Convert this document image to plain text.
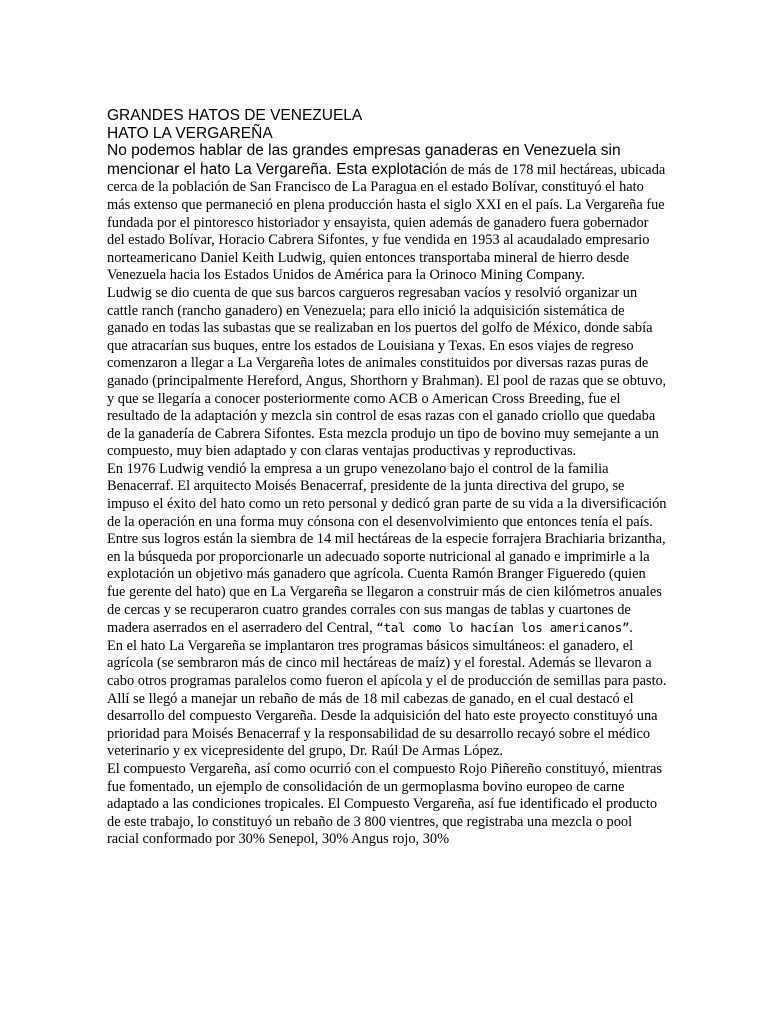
GRANDES HATOS DE VENEZUELA
HATO LA VERGAREÑA

No podemos hablar de las grandes empresas ganaderas en Venezuela sin mencionar el hato La Vergareña. Esta explotación de más de 178 mil hectáreas, ubicada cerca de la población de San Francisco de La Paragua en el estado Bolívar, constituyó el hato más extenso que permaneció en plena producción hasta el siglo XXI en el país. La Vergareña fue fundada por el pintoresco historiador y ensayista, quien además de ganadero fuera gobernador del estado Bolívar, Horacio Cabrera Sifontes, y fue vendida en 1953 al acaudalado empresario norteamericano Daniel Keith Ludwig, quien entonces transportaba mineral de hierro desde Venezuela hacia los Estados Unidos de América para la Orinoco Mining Company.

Ludwig se dio cuenta de que sus barcos cargueros regresaban vacíos y resolvió organizar un cattle ranch (rancho ganadero) en Venezuela; para ello inició la adquisición sistemática de ganado en todas las subastas que se realizaban en los puertos del golfo de México, donde sabía que atracarían sus buques, entre los estados de Louisiana y Texas. En esos viajes de regreso comenzaron a llegar a La Vergareña lotes de animales constituidos por diversas razas puras de ganado (principalmente Hereford, Angus, Shorthorn y Brahman). El pool de razas que se obtuvo, y que se llegaría a conocer posteriormente como ACB o American Cross Breeding, fue el resultado de la adaptación y mezcla sin control de esas razas con el ganado criollo que quedaba de la ganadería de Cabrera Sifontes. Esta mezcla produjo un tipo de bovino muy semejante a un compuesto, muy bien adaptado y con claras ventajas productivas y reproductivas.

En 1976 Ludwig vendió la empresa a un grupo venezolano bajo el control de la familia Benacerraf. El arquitecto Moisés Benacerraf, presidente de la junta directiva del grupo, se impuso el éxito del hato como un reto personal y dedicó gran parte de su vida a la diversificación de la operación en una forma muy cónsona con el desenvolvimiento que entonces tenía el país. Entre sus logros están la siembra de 14 mil hectáreas de la especie forrajera Brachiaria brizantha, en la búsqueda por proporcionarle un adecuado soporte nutricional al ganado e imprimirle a la explotación un objetivo más ganadero que agrícola. Cuenta Ramón Branger Figueredo (quien fue gerente del hato) que en La Vergareña se llegaron a construir más de cien kilómetros anuales de cercas y se recuperaron cuatro grandes corrales con sus mangas de tablas y cuartones de madera aserrados en el aserradero del Central, “tal como lo hacían los americanos”.

En el hato La Vergareña se implantaron tres programas básicos simultáneos: el ganadero, el agrícola (se sembraron más de cinco mil hectáreas de maíz) y el forestal. Además se llevaron a cabo otros programas paralelos como fueron el apícola y el de producción de semillas para pasto. Allí se llegó a manejar un rebaño de más de 18 mil cabezas de ganado, en el cual destacó el desarrollo del compuesto Vergareña. Desde la adquisición del hato este proyecto constituyó una prioridad para Moisés Benacerraf y la responsabilidad de su desarrollo recayó sobre el médico veterinario y ex vicepresidente del grupo, Dr. Raúl De Armas López.

El compuesto Vergareña, así como ocurrió con el compuesto Rojo Piñereño constituyó, mientras fue fomentado, un ejemplo de consolidación de un germoplasma bovino europeo de carne adaptado a las condiciones tropicales. El Compuesto Vergareña, así fue identificado el producto de este trabajo, lo constituyó un rebaño de 3 800 vientres, que registraba una mezcla o pool racial conformado por 30% Senepol, 30% Angus rojo, 30%
